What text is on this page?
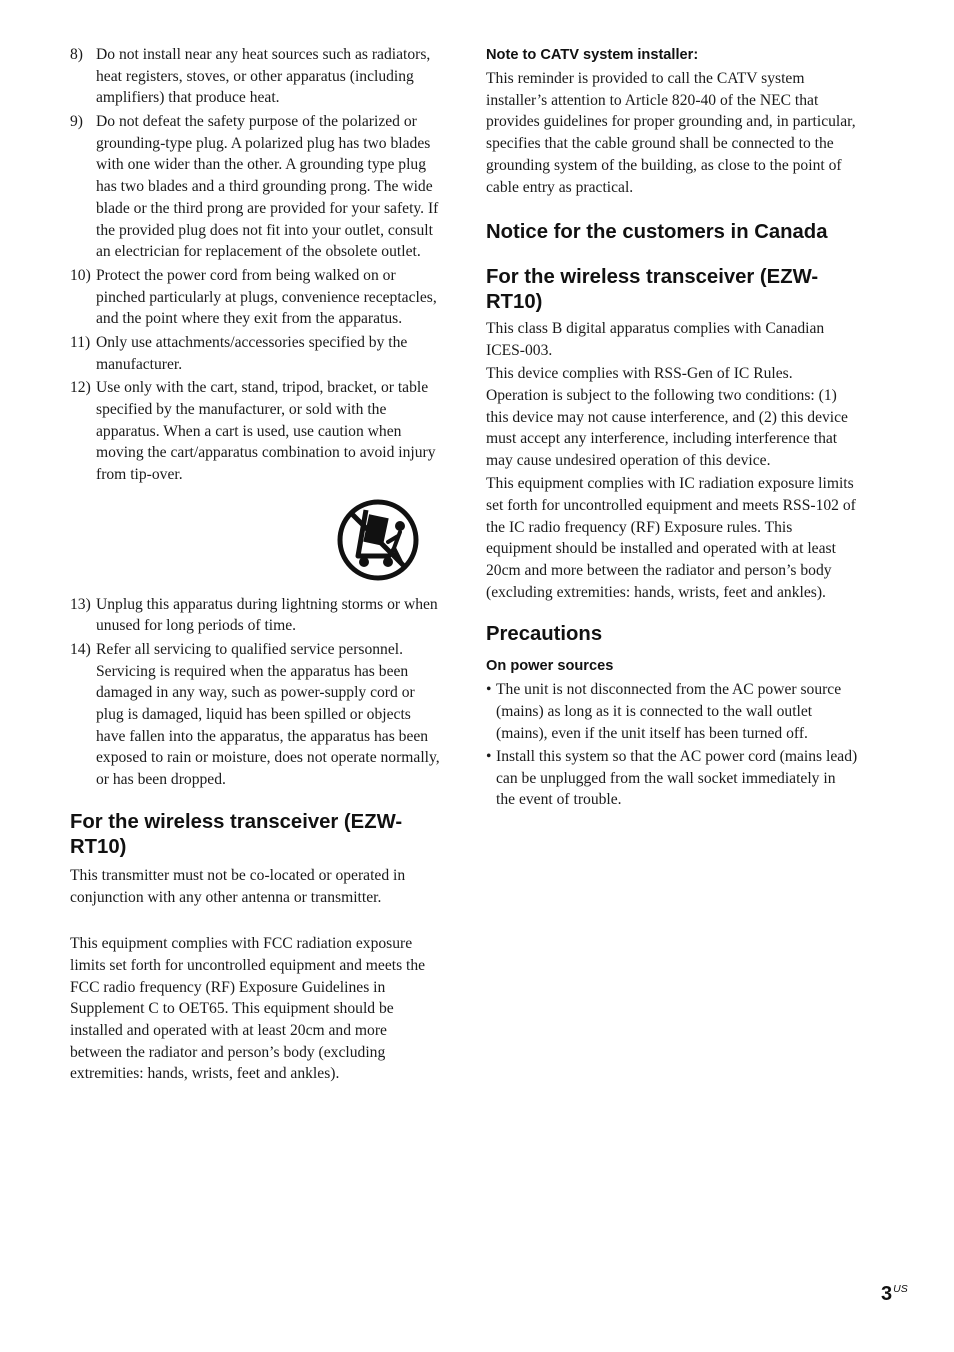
8) Do not install near any heat sources such as radiators, heat registers, stoves, or other apparatus (including amplifiers) that produce heat.
9) Do not defeat the safety purpose of the polarized or grounding-type plug. A polarized plug has two blades with one wider than the other. A grounding type plug has two blades and a third grounding prong. The wide blade or the third prong are provided for your safety. If the provided plug does not fit into your outlet, consult an electrician for replacement of the obsolete outlet.
10) Protect the power cord from being walked on or pinched particularly at plugs, convenience receptacles, and the point where they exit from the apparatus.
11) Only use attachments/accessories specified by the manufacturer.
12) Use only with the cart, stand, tripod, bracket, or table specified by the manufacturer, or sold with the apparatus. When a cart is used, use caution when moving the cart/apparatus combination to avoid injury from tip-over.
13) Unplug this apparatus during lightning storms or when unused for long periods of time.
14) Refer all servicing to qualified service personnel. Servicing is required when the apparatus has been damaged in any way, such as power-supply cord or plug is damaged, liquid has been spilled or objects have fallen into the apparatus, the apparatus has been exposed to rain or moisture, does not operate normally, or has been dropped.
For the wireless transceiver (EZW-RT10)

This transmitter must not be co-located or operated in conjunction with any other antenna or transmitter.

This equipment complies with FCC radiation exposure limits set forth for uncontrolled equipment and meets the FCC radio frequency (RF) Exposure Guidelines in Supplement C to OET65. This equipment should be installed and operated with at least 20cm and more between the radiator and person’s body (excluding extremities: hands, wrists, feet and ankles).

Note to CATV system installer:

This reminder is provided to call the CATV system installer’s attention to Article 820-40 of the NEC that provides guidelines for proper grounding and, in particular, specifies that the cable ground shall be connected to the grounding system of the building, as close to the point of cable entry as practical.

Notice for the customers in Canada
For the wireless transceiver (EZW-RT10)

This class B digital apparatus complies with Canadian ICES-003.

This device complies with RSS-Gen of IC Rules. Operation is subject to the following two conditions: (1) this device may not cause interference, and (2) this device must accept any interference, including interference that may cause undesired operation of this device.

This equipment complies with IC radiation exposure limits set forth for uncontrolled equipment and meets RSS-102 of the IC radio frequency (RF) Exposure rules. This equipment should be installed and operated with at least 20cm and more between the radiator and person’s body (excluding extremities: hands, wrists, feet and ankles).

Precautions
On power sources
• The unit is not disconnected from the AC power source (mains) as long as it is connected to the wall outlet (mains), even if the unit itself has been turned off.
• Install this system so that the AC power cord (mains lead) can be unplugged from the wall socket immediately in the event of trouble.
$3^{US}$
